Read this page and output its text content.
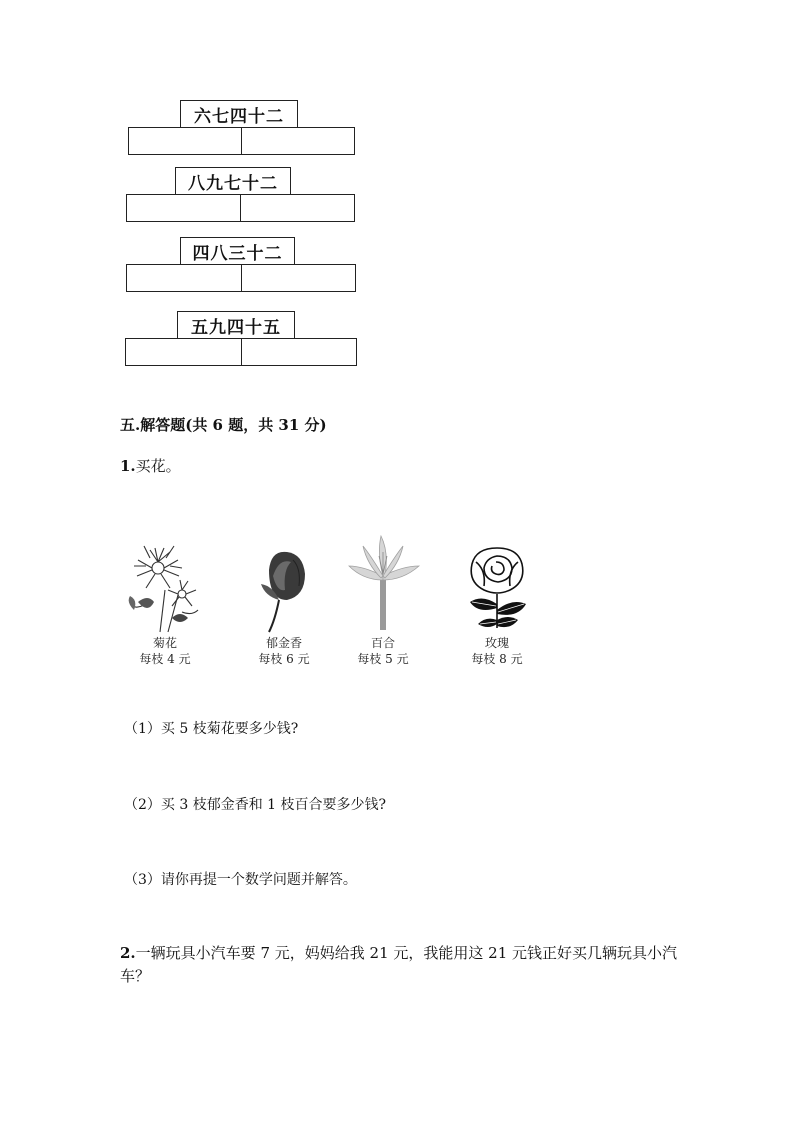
六七四十二
八九七十二
四八三十二
五九四十五
五.解答题(共 6 题，共 31 分)
1.买花。
菊花
每枝 4 元
郁金香
每枝 6 元
百合
每枝 5 元
玫瑰
每枝 8 元
（1）买 5 枝菊花要多少钱?
（2）买 3 枝郁金香和 1 枝百合要多少钱?
（3）请你再提一个数学问题并解答。
2.一辆玩具小汽车要 7 元，妈妈给我 21 元，我能用这 21 元钱正好买几辆玩具小汽车？
